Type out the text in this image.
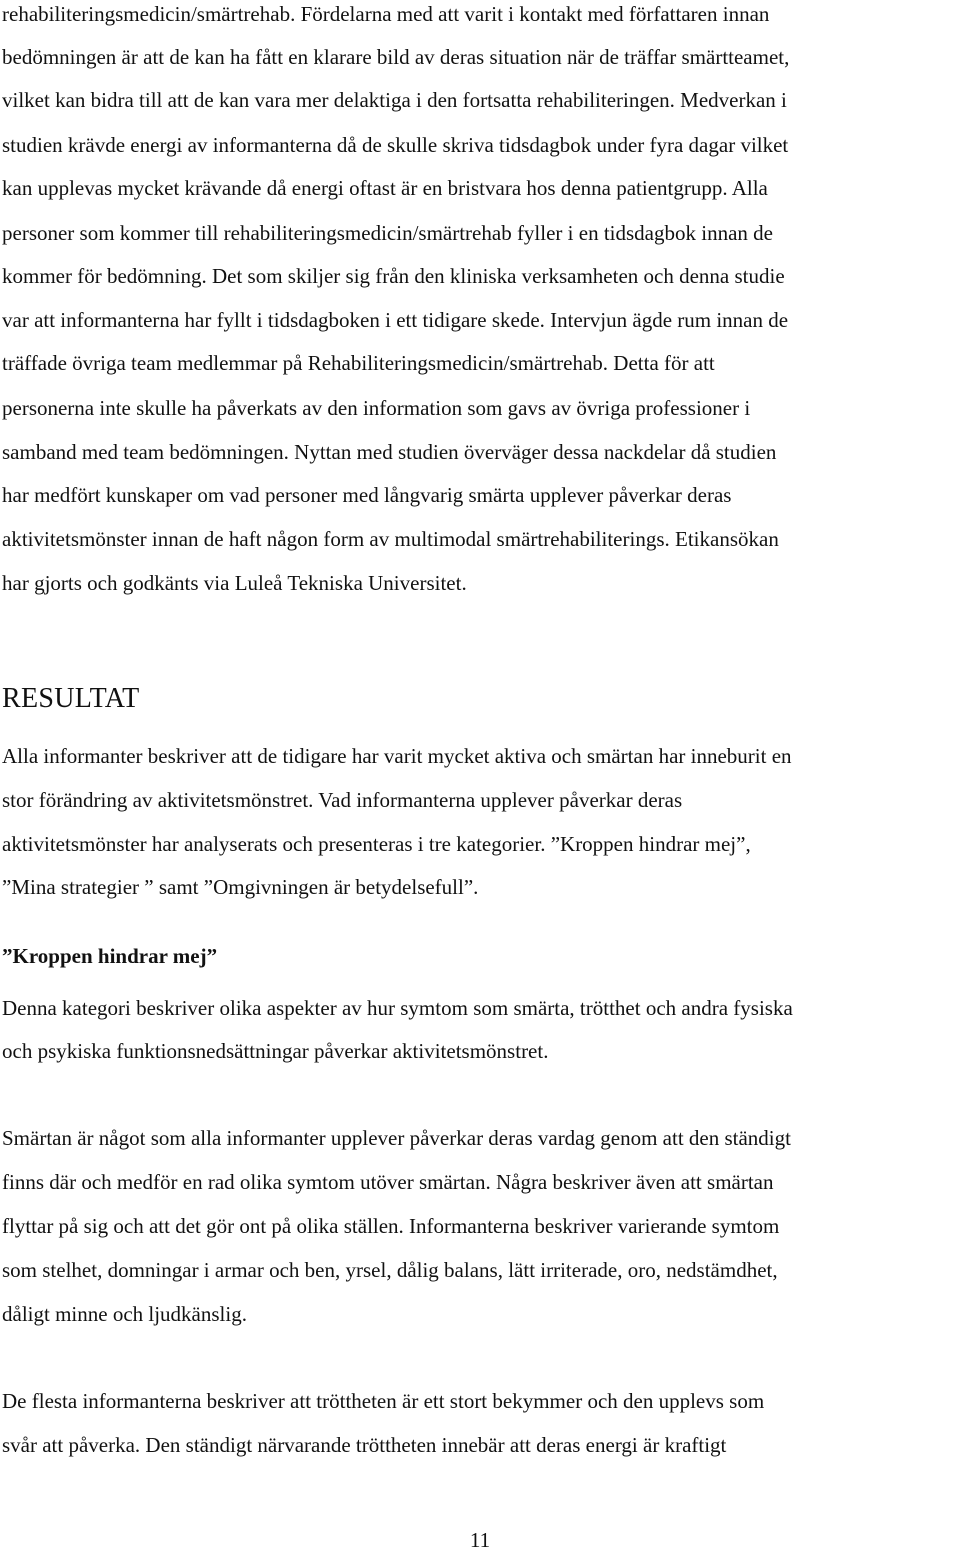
rehabiliteringsmedicin/smärtrehab. Fördelarna med att varit i kontakt med författaren innan
bedömningen är att de kan ha fått en klarare bild av deras situation när de träffar smärtteamet,
vilket kan bidra till att de kan vara mer delaktiga i den fortsatta rehabiliteringen. Medverkan i
studien krävde energi av informanterna då de skulle skriva tidsdagbok under fyra dagar vilket
kan upplevas mycket krävande då energi oftast är en bristvara hos denna patientgrupp. Alla
personer som kommer till rehabiliteringsmedicin/smärtrehab fyller i en tidsdagbok innan de
kommer för bedömning. Det som skiljer sig från den kliniska verksamheten och denna studie
var att informanterna har fyllt i tidsdagboken i ett tidigare skede. Intervjun ägde rum innan de
träffade övriga team medlemmar på Rehabiliteringsmedicin/smärtrehab. Detta för att
personerna inte skulle ha påverkats av den information som gavs av övriga professioner i
samband med team bedömningen. Nyttan med studien överväger dessa nackdelar då studien
har medfört kunskaper om vad personer med långvarig smärta upplever påverkar deras
aktivitetsmönster innan de haft någon form av multimodal smärtrehabiliterings. Etikansökan
har gjorts och godkänts via Luleå Tekniska Universitet.
RESULTAT
Alla informanter beskriver att de tidigare har varit mycket aktiva och smärtan har inneburit en
stor förändring av aktivitetsmönstret. Vad informanterna upplever påverkar deras
aktivitetsmönster har analyserats och presenteras i tre kategorier. ”Kroppen hindrar mej”,
”Mina strategier ” samt ”Omgivningen är betydelsefull”.
”Kroppen hindrar mej”
Denna kategori beskriver olika aspekter av hur symtom som smärta, trötthet och andra fysiska
och psykiska funktionsnedsättningar påverkar aktivitetsmönstret.
Smärtan är något som alla informanter upplever påverkar deras vardag genom att den ständigt
finns där och medför en rad olika symtom utöver smärtan. Några beskriver även att smärtan
flyttar på sig och att det gör ont på olika ställen. Informanterna beskriver varierande symtom
som stelhet, domningar i armar och ben, yrsel, dålig balans, lätt irriterade, oro, nedstämdhet,
dåligt minne och ljudkänslig.
De flesta informanterna beskriver att tröttheten är ett stort bekymmer och den upplevs som
svår att påverka. Den ständigt närvarande tröttheten innebär att deras energi är kraftigt
11
